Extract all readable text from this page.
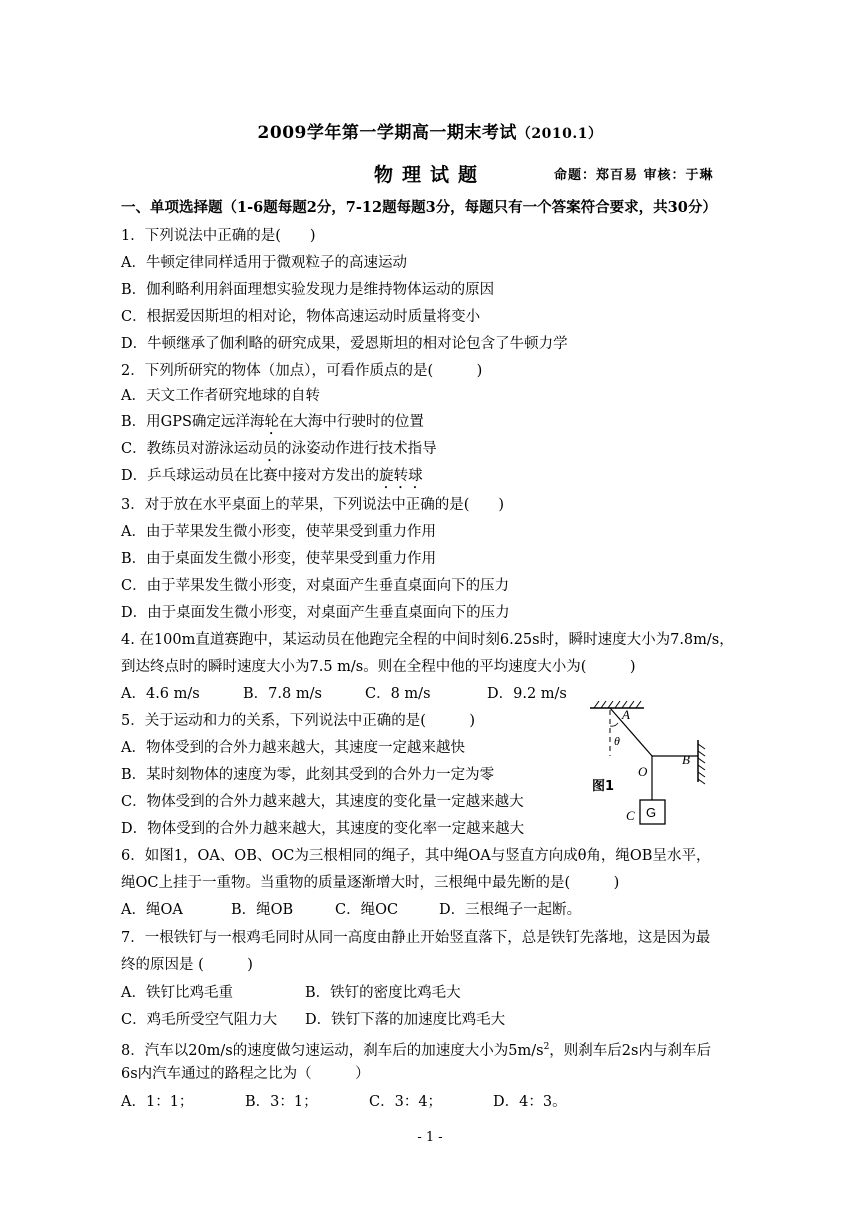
2009学年第一学期高一期末考试（2010.1）
物理试题	命题：郑百易 审核：于琳
一、单项选择题（1-6题每题2分，7-12题每题3分，每题只有一个答案符合要求，共30分）
1．下列说法中正确的是(　　)
A．牛顿定律同样适用于微观粒子的高速运动
B．伽利略利用斜面理想实验发现力是维持物体运动的原因
C．根据爱因斯坦的相对论，物体高速运动时质量将变小
D．牛顿继承了伽利略的研究成果，爱恩斯坦的相对论包含了牛顿力学
2．下列所研究的物体（加点），可看作质点的是(　　　)
A．天文工作者研究地球的自转
B．用GPS确定远洋海轮在大海中行驶时的位置
C．教练员对游泳运动员的泳姿动作进行技术指导
D．乒乓球运动员在比赛中接对方发出的旋转球
3．对于放在水平桌面上的苹果，下列说法中正确的是(　　)
A．由于苹果发生微小形变，使苹果受到重力作用
B．由于桌面发生微小形变，使苹果受到重力作用
C．由于苹果发生微小形变，对桌面产生垂直桌面向下的压力
D．由于桌面发生微小形变，对桌面产生垂直桌面向下的压力
4. 在100m直道赛跑中，某运动员在他跑完全程的中间时刻6.25s时，瞬时速度大小为7.8m/s，
到达终点时的瞬时速度大小为7.5 m/s。则在全程中他的平均速度大小为(　　　)
A．4.6 m/s	B．7.8 m/s	C．8 m/s	D．9.2 m/s
5．关于运动和力的关系，下列说法中正确的是(　　　)
A．物体受到的合外力越来越大，其速度一定越来越快
B．某时刻物体的速度为零，此刻其受到的合外力一定为零
C．物体受到的合外力越来越大，其速度的变化量一定越来越大
D．物体受到的合外力越来越大，其速度的变化率一定越来越大
6．如图1，OA、OB、OC为三根相同的绳子，其中绳OA与竖直方向成θ角，绳OB呈水平，
绳OC上挂于一重物。当重物的质量逐渐增大时，三根绳中最先断的是(　　　)
A．绳OA	B．绳OB	C．绳OC	D．三根绳子一起断。
7．一根铁钉与一根鸡毛同时从同一高度由静止开始竖直落下，总是铁钉先落地，这是因为最
终的原因是 (　　　)
A．铁钉比鸡毛重	B．铁钉的密度比鸡毛大
C．鸡毛所受空气阻力大 D．铁钉下落的加速度比鸡毛大
8．汽车以20m/s的速度做匀速运动，刹车后的加速度大小为$5m/s^2$，则刹车后2s内与刹车后
6s内汽车通过的路程之比为（　　　）
A．1：1；	B．3：1；	C．3：4；	D．4：3。
A
θ
B
O
C G
图1
- 1 -
